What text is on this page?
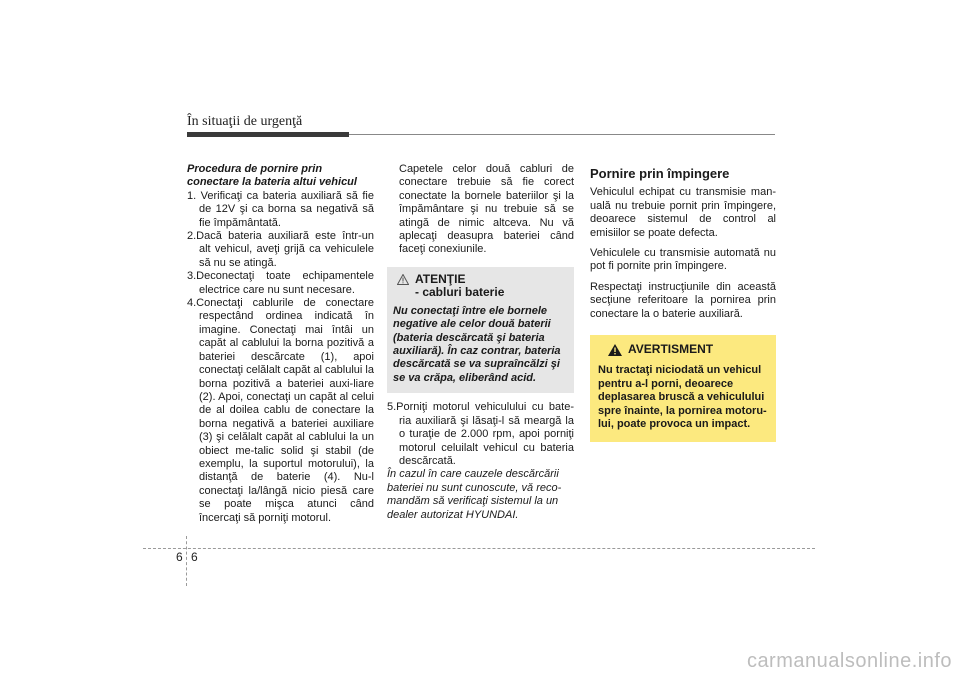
În situaţii de urgenţă
Procedura de pornire prin conectare la bateria altui vehicul

1. Verificaţi ca bateria auxiliară să fie de 12V şi ca borna sa negativă să fie împământată.

2.Dacă bateria auxiliară este într-un alt vehicul, aveţi grijă ca vehiculele să nu se atingă.

3.Deconectaţi toate echipamentele electrice care nu sunt necesare.

4.Conectaţi cablurile de conectare respectând ordinea indicată în imagine. Conectaţi mai întâi un capăt al cablului la borna pozitivă a bateriei descărcate (1), apoi conectaţi celălalt capăt al cablului la borna pozitivă a bateriei auxi-liare (2). Apoi, conectaţi un capăt al celui de al doilea cablu de conectare la borna negativă a bateriei auxiliare (3) şi celălalt capăt al cablului la un obiect me-talic solid şi stabil (de exemplu, la suportul motorului), la distanţă de baterie (4). Nu-l conectaţi la/lângă nicio piesă care se poate mişca atunci când încercaţi să porniţi motorul.

Capetele celor două cabluri de conectare trebuie să fie corect conectate la bornele bateriilor şi la împământare şi nu trebuie să se atingă de nimic altceva. Nu vă aplecaţi deasupra bateriei când faceţi conexiunile.

ATENŢIE
- cabluri baterie
Nu conectaţi între ele bornele negative ale celor două baterii (bateria descărcată şi bateria auxiliară). În caz contrar, bateria descărcată se va supraîncălzi şi se va crăpa, eliberând acid.

5.Porniţi motorul vehiculului cu bate-ria auxiliară şi lăsaţi-l să meargă la o turaţie de 2.000 rpm, apoi porniţi motorul celuilalt vehicul cu bateria descărcată.

În cazul în care cauzele descărcării bateriei nu sunt cunoscute, vă reco-mandăm să verificaţi sistemul la un dealer autorizat HYUNDAI.

Pornire prin împingere

Vehiculul echipat cu transmisie man-uală nu trebuie pornit prin împingere, deoarece sistemul de control al emisiilor se poate defecta.

Vehiculele cu transmisie automată nu pot fi pornite prin împingere.

Respectaţi instrucţiunile din această secţiune referitoare la pornirea prin conectare la o baterie auxiliară.

AVERTISMENT
Nu tractaţi niciodată un vehicul pentru a-l porni, deoarece deplasarea bruscă a vehiculului spre înainte, la pornirea motoru-lui, poate provoca un impact.
6 6
carmanualsonline.info
